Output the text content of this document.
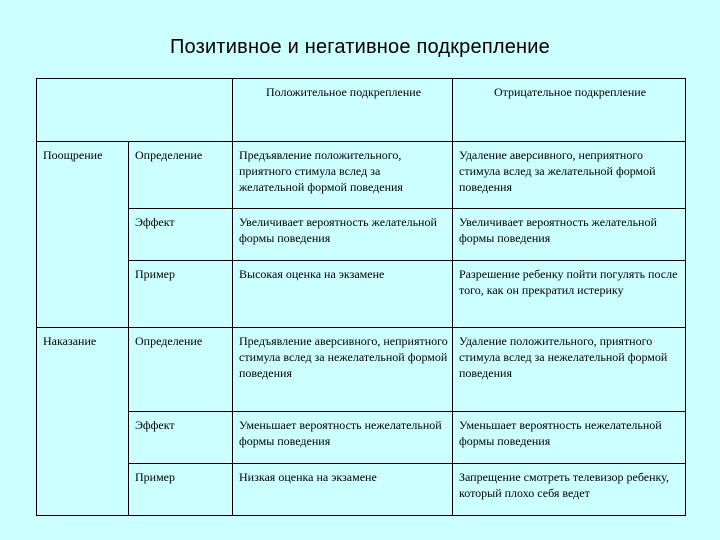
Позитивное и негативное подкрепление
		Положительное подкрепление	Отрицательное подкрепление
Поощрение	Определение	Предъявление положительного, приятного стимула вслед за желательной формой поведения	Удаление аверсивного, неприятного стимула вслед за желательной формой поведения
	Эффект	Увеличивает вероятность желательной формы поведения	Увеличивает вероятность желательной формы поведения
	Пример	Высокая оценка на экзамене	Разрешение ребенку пойти погулять после того, как он прекратил истерику
Наказание	Определение	Предъявление аверсивного, неприятного стимула вслед за нежелательной формой поведения	Удаление положительного, приятного стимула вслед за нежелательной формой поведения
	Эффект	Уменьшает вероятность нежелательной формы поведения	Уменьшает вероятность нежелательной формы поведения
	Пример	Низкая оценка на экзамене	Запрещение смотреть телевизор ребенку, который плохо себя ведет
